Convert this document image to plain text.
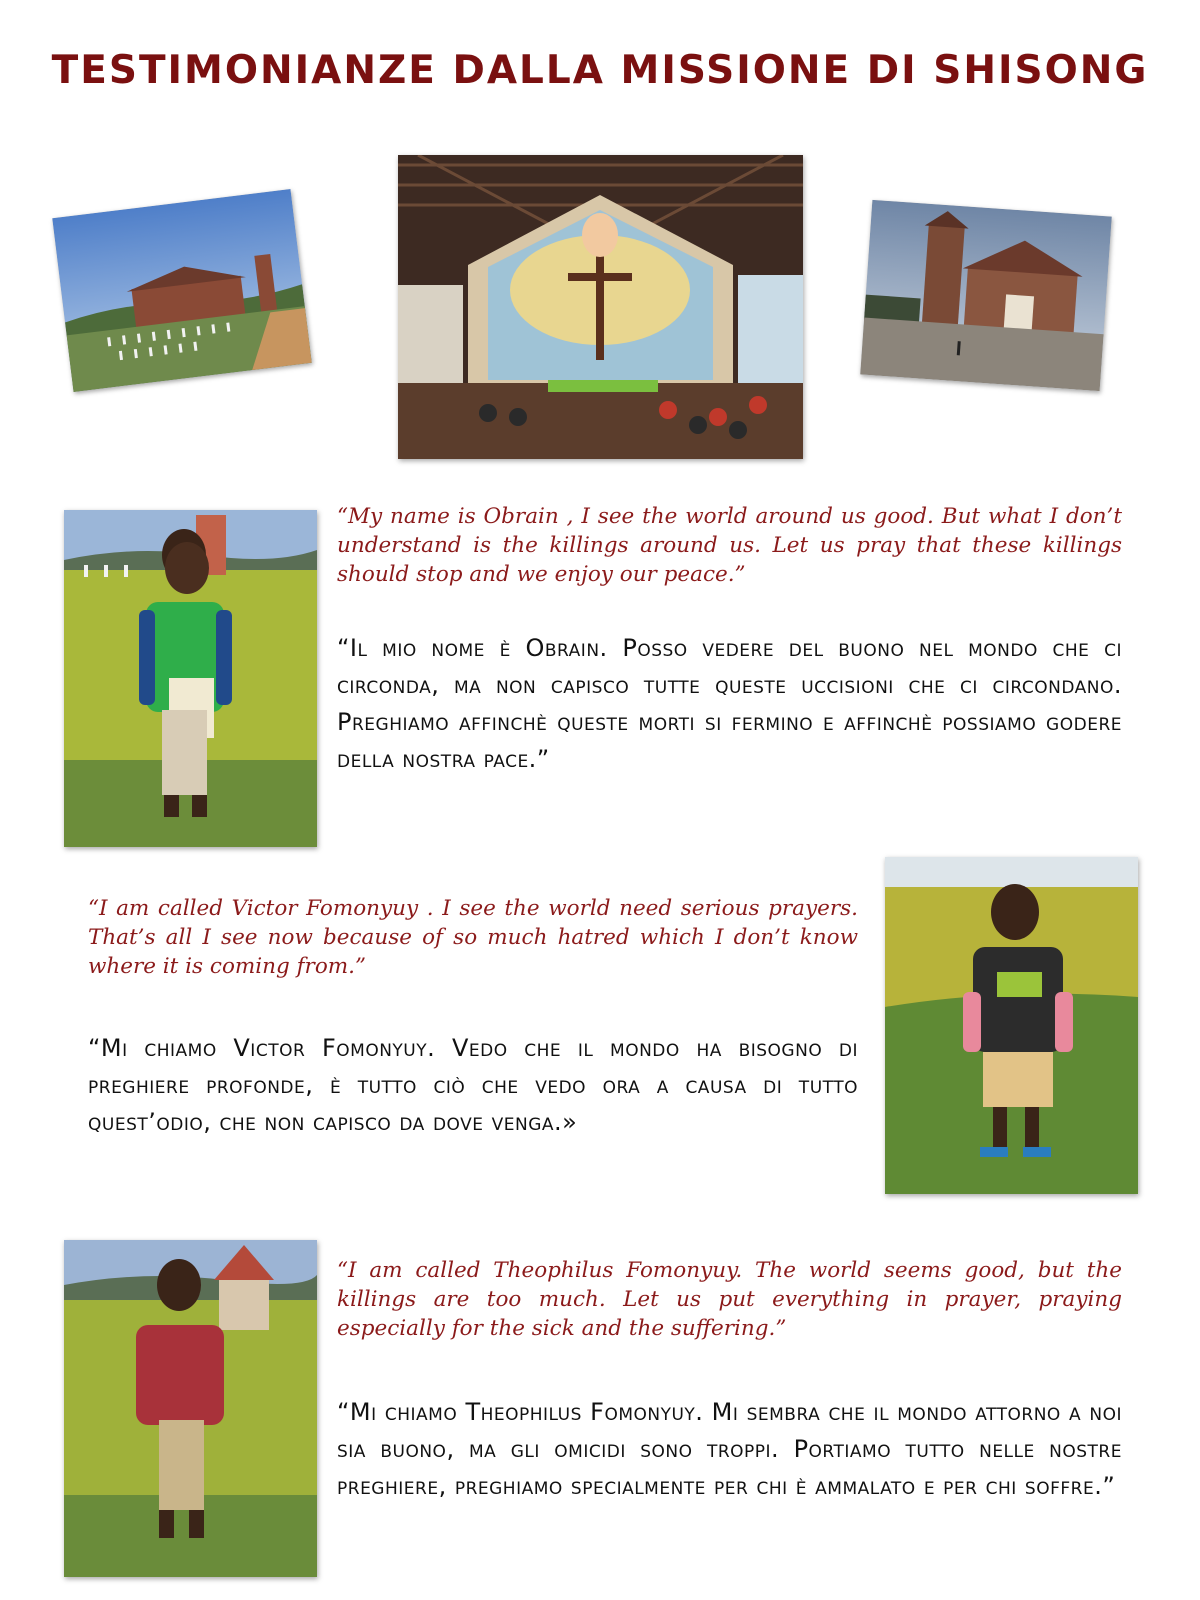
TESTIMONIANZE DALLA MISSIONE DI SHISONG
“My name is Obrain , I see the world around us good. But what I don’t understand is the killings around us. Let us pray that these killings should stop and we enjoy our peace.”
“Il mio nome è Obrain. Posso vedere del buono nel mondo che ci circonda, ma non capisco tutte queste uccisioni che ci circondano. Preghiamo affinchè queste morti si fermino e affinchè possiamo godere della nostra pace.”
“I am called Victor Fomonyuy . I see the world need serious prayers. That’s all I see now because of so much hatred which I don’t know where it is coming from.”
“Mi chiamo Victor Fomonyuy. Vedo che il mondo ha bisogno di preghiere profonde, è tutto ciò che vedo ora a causa di tutto quest’odio, che non capisco da dove venga.»
“I am called Theophilus Fomonyuy. The world seems good, but the killings are too much. Let us put everything in prayer, praying especially for the sick and the suffering.”
“Mi chiamo Theophilus Fomonyuy. Mi sembra che il mondo attorno a noi sia buono, ma gli omicidi sono troppi. Portiamo tutto nelle nostre preghiere, preghiamo specialmente per chi è ammalato e per chi soffre.”
